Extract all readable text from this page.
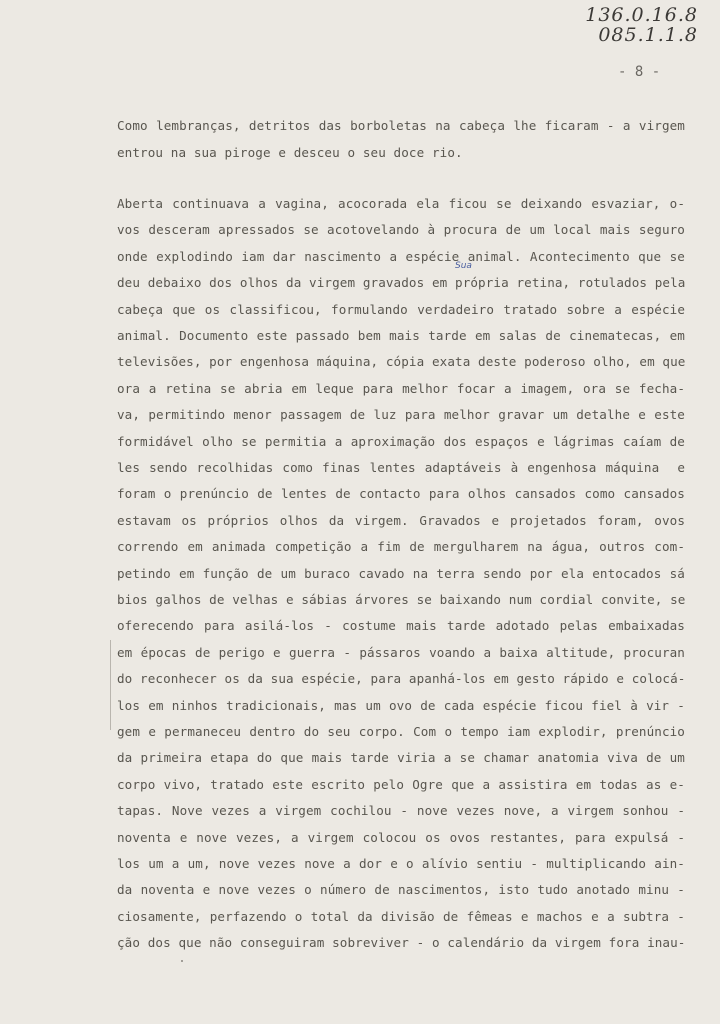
136.0.16.8
085.1.1.8
- 8 -
Sua
Como lembranças, detritos das borboletas na cabeça lhe ficaram - a virgem
entrou na sua piroge e desceu o seu doce rio.
Aberta continuava a vagina, acocorada ela ficou se deixando esvaziar, o-
vos desceram apressados se acotovelando à procura de um local mais seguro
onde explodindo iam dar nascimento a espécie animal. Acontecimento que se
deu debaixo dos olhos da virgem gravados em própria retina, rotulados pela
cabeça que os classificou, formulando verdadeiro tratado sobre a espécie
animal. Documento este passado bem mais tarde em salas de cinematecas, em
televisões, por engenhosa máquina, cópia exata deste poderoso olho, em que
ora a retina se abria em leque para melhor focar a imagem, ora se fecha-
va, permitindo menor passagem de luz para melhor gravar um detalhe e este
formidável olho se permitia a aproximação dos espaços e lágrimas caíam de
les sendo recolhidas como finas lentes adaptáveis à engenhosa máquina  e
foram o prenúncio de lentes de contacto para olhos cansados como cansados
estavam os próprios olhos da virgem. Gravados e projetados foram, ovos
correndo em animada competição a fim de mergulharem na água, outros com-
petindo em função de um buraco cavado na terra sendo por ela entocados sá
bios galhos de velhas e sábias árvores se baixando num cordial convite, se
oferecendo para asilá-los - costume mais tarde adotado pelas embaixadas
em épocas de perigo e guerra - pássaros voando a baixa altitude, procuran
do reconhecer os da sua espécie, para apanhá-los em gesto rápido e colocá-
los em ninhos tradicionais, mas um ovo de cada espécie ficou fiel à vir -
gem e permaneceu dentro do seu corpo. Com o tempo iam explodir, prenúncio
da primeira etapa do que mais tarde viria a se chamar anatomia viva de um
corpo vivo, tratado este escrito pelo Ogre que a assistira em todas as e-
tapas. Nove vezes a virgem cochilou - nove vezes nove, a virgem sonhou -
noventa e nove vezes, a virgem colocou os ovos restantes, para expulsá -
los um a um, nove vezes nove a dor e o alívio sentiu - multiplicando ain-
da noventa e nove vezes o número de nascimentos, isto tudo anotado minu -
ciosamente, perfazendo o total da divisão de fêmeas e machos e a subtra -
ção dos que não conseguiram sobreviver - o calendário da virgem fora inau-
